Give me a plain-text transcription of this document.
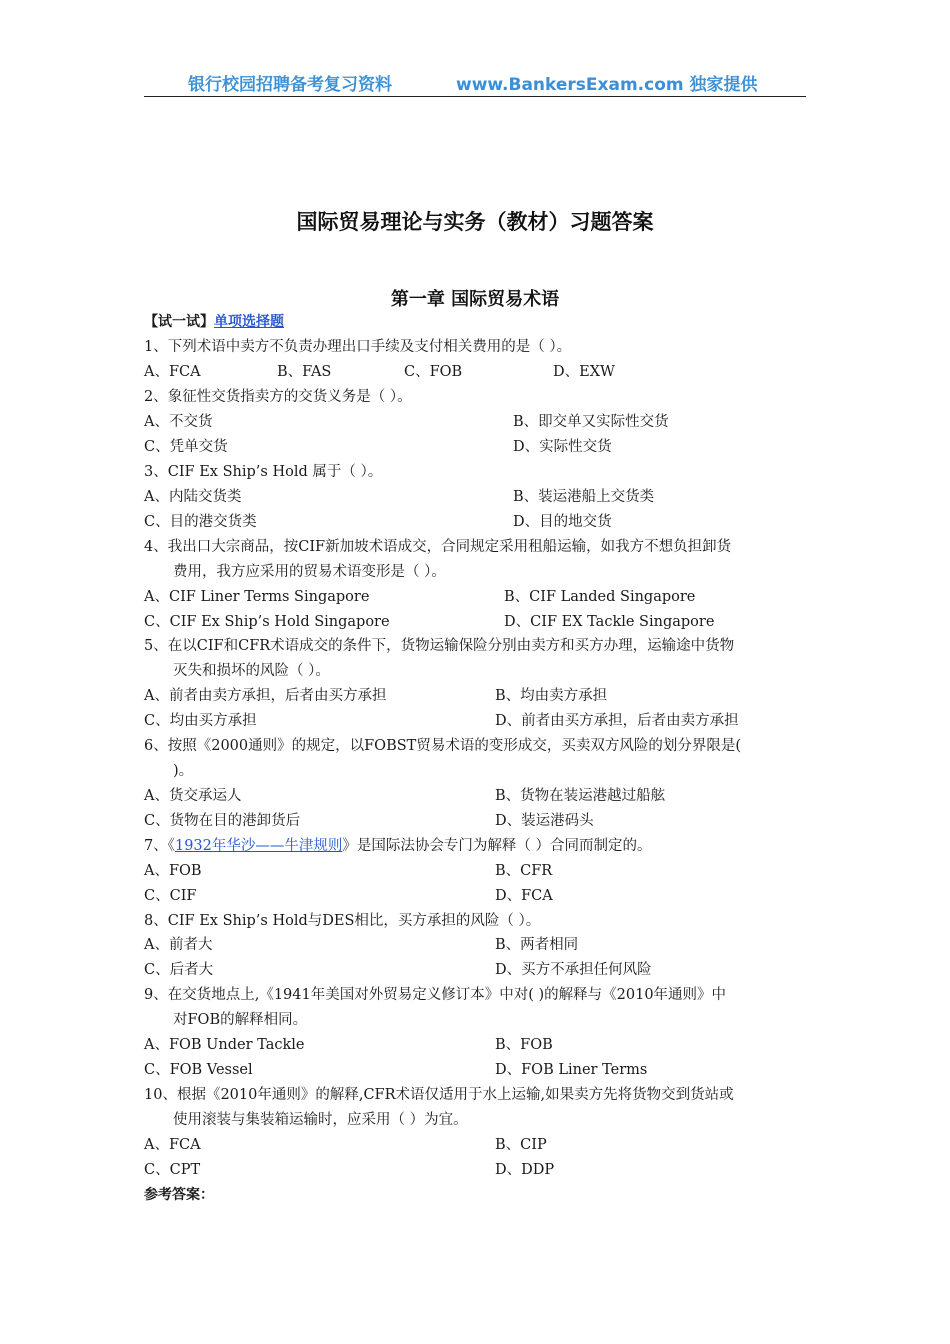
银行校园招聘备考复习资料	www.BankersExam.com 独家提供
国际贸易理论与实务（教材）习题答案
第一章 国际贸易术语
【试一试】单项选择题
1、下列术语中卖方不负责办理出口手续及支付相关费用的是（ ）。
A、FCA	B、FAS	C、FOB	D、EXW
2、象征性交货指卖方的交货义务是（ ）。
A、不交货	B、即交单又实际性交货
C、凭单交货	D、实际性交货
3、CIF Ex Ship’s Hold 属于（ ）。
A、内陆交货类	B、装运港船上交货类
C、目的港交货类	D、目的地交货
4、我出口大宗商品，按CIF新加坡术语成交，合同规定采用租船运输，如我方不想负担卸货
费用，我方应采用的贸易术语变形是（ ）。
A、CIF Liner Terms Singapore	B、CIF Landed Singapore
C、CIF Ex Ship’s Hold Singapore	D、CIF EX Tackle Singapore
5、在以CIF和CFR术语成交的条件下，货物运输保险分别由卖方和买方办理，运输途中货物
灭失和损坏的风险（ ）。
A、前者由卖方承担，后者由买方承担	B、均由卖方承担
C、均由买方承担	D、前者由买方承担，后者由卖方承担
6、按照《2000通则》的规定，以FOBST贸易术语的变形成交，买卖双方风险的划分界限是(
)。
A、货交承运人	B、货物在装运港越过船舷
C、货物在目的港卸货后	D、装运港码头
7、《1932年华沙——牛津规则》是国际法协会专门为解释（ ）合同而制定的。
A、FOB	B、CFR
C、CIF	D、FCA
8、CIF Ex Ship’s Hold与DES相比，买方承担的风险（ ）。
A、前者大	B、两者相同
C、后者大	D、买方不承担任何风险
9、在交货地点上,《1941年美国对外贸易定义修订本》中对( )的解释与《2010年通则》中
对FOB的解释相同。
A、FOB Under Tackle	B、FOB
C、FOB Vessel	D、FOB Liner Terms
10、根据《2010年通则》的解释,CFR术语仅适用于水上运输,如果卖方先将货物交到货站或
使用滚装与集装箱运输时，应采用（ ）为宜。
A、FCA	B、CIP
C、CPT	D、DDP
参考答案：
